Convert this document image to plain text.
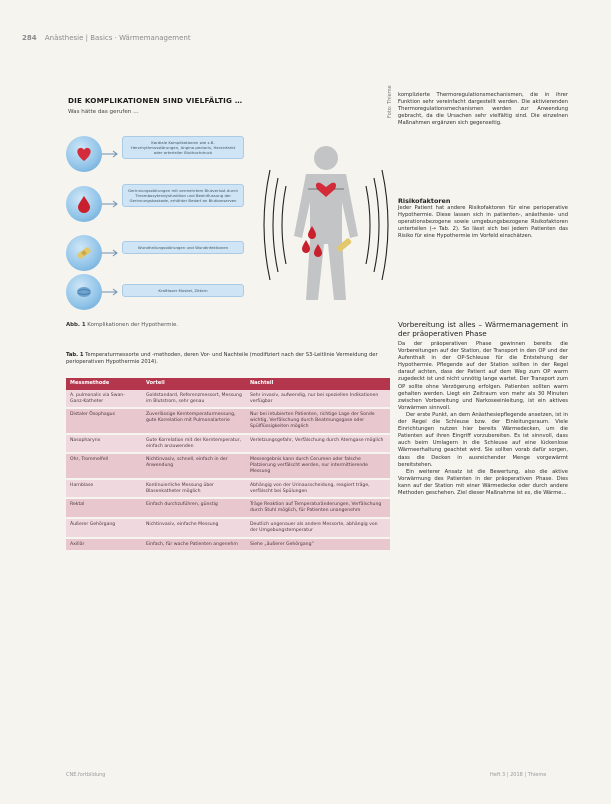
284 Anästhesie | Basics · Wärmemanagement
DIE KOMPLIKATIONEN SIND VIELFÄLTIG …
Was hätte das gerufen …
Kardiale Komplikationen wie z.B. Herzrhythmusstörungen, Angina pectoris, Herzinfarkt oder arterieller Bluthochdruck
Gerinnungsstörungen mit vermehrtem Blutverlust durch Thrombozytendysfunktion und Beeinflussung der Gerinnungskaskade, erhöhter Bedarf an Blutkonserven
Wundheilungsstörungen und Wundinfektionen
Kraftloser Muskel, Zittern
Foto: Thieme
Abb. 1 Komplikationen der Hypothermie.
Tab. 1 Temperaturmessorte und -methoden, deren Vor- und Nachteile (modifiziert nach der S3-Leitlinie Vermeidung der perioperativen Hypothermie 2014).
Messmethode	Vorteil	Nachteil
A. pulmonalis via Swan-Ganz-Katheter	Goldstandard, Referenzmessort, Messung im Blutstrom, sehr genau	Sehr invasiv, aufwendig, nur bei speziellen Indikationen verfügbar
Distaler Ösophagus	Zuverlässige Kerntemperaturmessung, gute Korrelation mit Pulmonalarterie	Nur bei intubierten Patienten, richtige Lage der Sonde wichtig, Verfälschung durch Beatmungsgase oder Spülflüssigkeiten möglich
Nasopharynx	Gute Korrelation mit der Kerntemperatur, einfach anzuwenden	Verletzungsgefahr, Verfälschung durch Atemgase möglich
Ohr, Trommelfell	Nichtinvasiv, schnell, einfach in der Anwendung	Messergebnis kann durch Cerumen oder falsche Platzierung verfälscht werden, nur intermittierende Messung
Harnblase	Kontinuierliche Messung über Blasenkatheter möglich	Abhängig von der Urinausscheidung, reagiert träge, verfälscht bei Spülungen
Rektal	Einfach durchzuführen, günstig	Träge Reaktion auf Temperaturänderungen, Verfälschung durch Stuhl möglich, für Patienten unangenehm
Äußerer Gehörgang	Nichtinvasiv, einfache Messung	Deutlich ungenauer als andere Messorte, abhängig von der Umgebungstemperatur
Axillär	Einfach, für wache Patienten angenehm	Siehe „äußerer Gehörgang“

komplizierte Thermoregulationsmechanismen, die in ihrer Funktion sehr vereinfacht dargestellt werden. Die aktivierenden Thermoregulationsmechanismen werden zur Anwendung gebracht, da die Ursachen sehr vielfältig sind. Die einzelnen Maßnahmen ergänzen sich gegenseitig.

Risikofaktoren

Jeder Patient hat andere Risikofaktoren für eine perioperative Hypothermie. Diese lassen sich in patienten-, anästhesie- und operationsbezogene sowie umgebungsbezogene Risikofaktoren unterteilen (→ Tab. 2). So lässt sich bei jedem Patienten das Risiko für eine Hypothermie im Vorfeld einschätzen.

Vorbereitung ist alles – Wärmemanagement in der präoperativen Phase

Da der präoperativen Phase gewinnen bereits die Vorbereitungen auf der Station, der Transport in den OP und der Aufenthalt in der OP-Schleuse für die Entstehung der Hypothermie. Pflegende auf der Station sollten in der Regel darauf achten, dass der Patient auf dem Weg zum OP warm zugedeckt ist und nicht unnötig lange wartet. Der Transport zum OP sollte ohne Verzögerung erfolgen. Patienten sollten warm gehalten werden. Liegt ein Zeitraum von mehr als 30 Minuten zwischen Vorbereitung und Narkoseeinleitung, ist ein aktives Vorwärmen sinnvoll.

Der erste Punkt, an dem Anästhesiepflegende ansetzen, ist in der Regel die Schleuse bzw. der Einleitungsraum. Viele Einrichtungen nutzen hier bereits Wärmedecken, um die Patienten auf ihren Eingriff vorzubereiten. Es ist sinnvoll, dass auch beim Umlagern in die Schleuse auf eine lückenlose Wärmeerhaltung geachtet wird. Sie sollten vorab dafür sorgen, dass die Decken in ausreichender Menge vorgewärmt bereitstehen.

Ein weiterer Ansatz ist die Bewertung, also die aktive Vorwärmung des Patienten in der präoperativen Phase. Dies kann auf der Station mit einer Wärmedecke oder durch andere Methoden geschehen. Ziel dieser Maßnahme ist es, die Wärme…

CNE.fortbildung	Heft 3 | 2018 | Thieme
